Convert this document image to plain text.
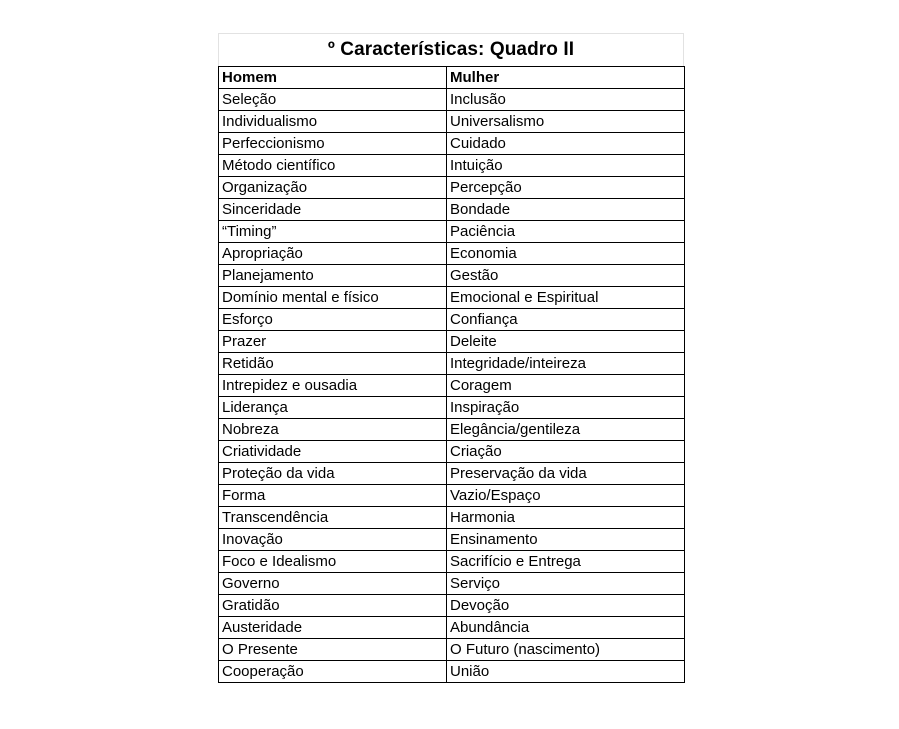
º Características: Quadro II
Homem	Mulher
Seleção	Inclusão
Individualismo	Universalismo
Perfeccionismo	Cuidado
Método científico	Intuição
Organização	Percepção
Sinceridade	Bondade
“Timing”	Paciência
Apropriação	Economia
Planejamento	Gestão
Domínio mental e físico	Emocional e Espiritual
Esforço	Confiança
Prazer	Deleite
Retidão	Integridade/inteireza
Intrepidez e ousadia	Coragem
Liderança	Inspiração
Nobreza	Elegância/gentileza
Criatividade	Criação
Proteção da vida	Preservação da vida
Forma	Vazio/Espaço
Transcendência	Harmonia
Inovação	Ensinamento
Foco e Idealismo	Sacrifício e Entrega
Governo	Serviço
Gratidão	Devoção
Austeridade	Abundância
O Presente	O Futuro (nascimento)
Cooperação	União
